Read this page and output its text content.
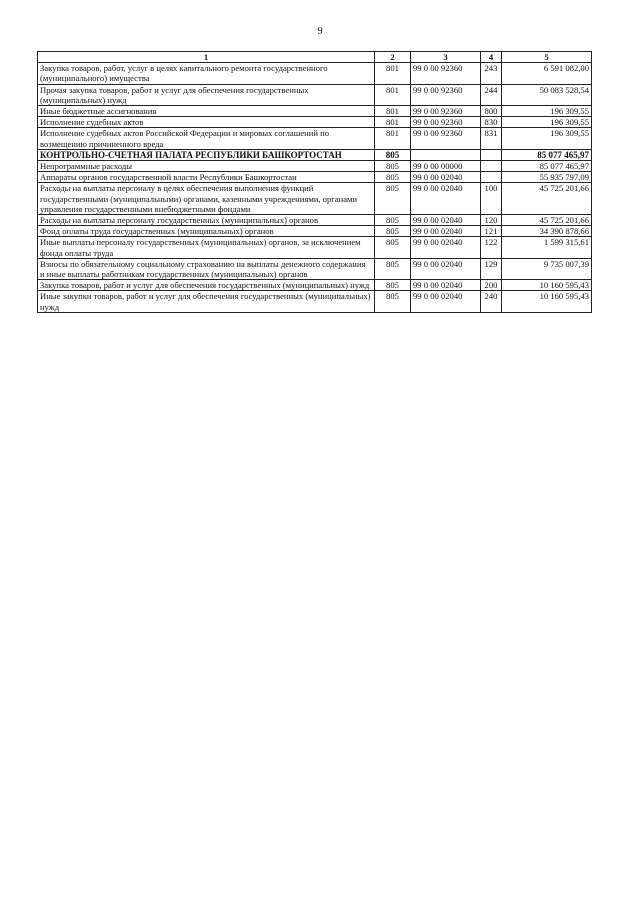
9
1	2	3	4	5
Закупка товаров, работ, услуг в целях капитального ремонта государственного (муниципального) имущества	801	99 0 00 92360	243	6 591 082,00
Прочая закупка товаров, работ и услуг для обеспечения государственных (муниципальных) нужд	801	99 0 00 92360	244	50 083 528,54
Иные бюджетные ассигнования	801	99 0 00 92360	800	196 309,55
Исполнение судебных актов	801	99 0 00 92360	830	196 309,55
Исполнение судебных актов Российской Федерации и мировых соглашений по возмещению причиненного вреда	801	99 0 00 92360	831	196 309,55
КОНТРОЛЬНО-СЧЕТНАЯ ПАЛАТА РЕСПУБЛИКИ БАШКОРТОСТАН	805			85 077 465,97
Непрограммные расходы	805	99 0 00 00000		85 077 465,97
Аппараты органов государственной власти Республики Башкортостан	805	99 0 00 02040		55 935 797,09
Расходы на выплаты персоналу в целях обеспечения выполнения функций государственными (муниципальными) органами, казенными учреждениями, органами управления государственными внебюджетными фондами	805	99 0 00 02040	100	45 725 201,66
Расходы на выплаты персоналу государственных (муниципальных) органов	805	99 0 00 02040	120	45 725 201,66
Фонд оплаты труда государственных (муниципальных) органов	805	99 0 00 02040	121	34 390 878,66
Иные выплаты персоналу государственных (муниципальных) органов, за исключением фонда оплаты труда	805	99 0 00 02040	122	1 599 315,61
Взносы по обязательному социальному страхованию на выплаты денежного содержания и иные выплаты работникам государственных (муниципальных) органов	805	99 0 00 02040	129	9 735 007,39
Закупка товаров, работ и услуг для обеспечения государственных (муниципальных) нужд	805	99 0 00 02040	200	10 160 595,43
Иные закупки товаров, работ и услуг для обеспечения государственных (муниципальных) нужд	805	99 0 00 02040	240	10 160 595,43
